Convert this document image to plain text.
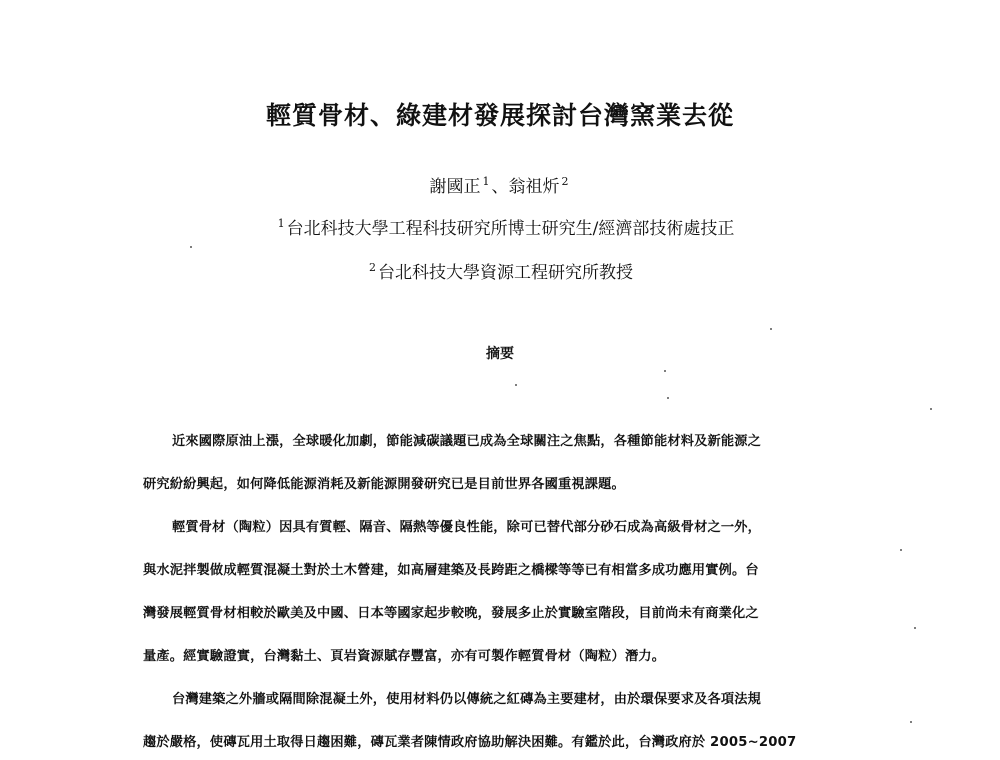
輕質骨材、綠建材發展探討台灣窯業去從
謝國正 $^1$ 、翁祖炘 $^2$
$^1$ 台北科技大學工程科技研究所博士研究生/經濟部技術處技正
$^2$ 台北科技大學資源工程研究所教授
摘要
近來國際原油上漲，全球暖化加劇，節能減碳議題已成為全球關注之焦點，各種節能材料及新能源之
研究紛紛興起，如何降低能源消耗及新能源開發研究已是目前世界各國重視課題。
輕質骨材（陶粒）因具有質輕、隔音、隔熱等優良性能，除可已替代部分砂石成為高級骨材之一外，
與水泥拌製做成輕質混凝土對於土木營建，如高層建築及長跨距之橋樑等等已有相當多成功應用實例。台
灣發展輕質骨材相較於歐美及中國、日本等國家起步較晚，發展多止於實驗室階段，目前尚未有商業化之
量產。經實驗證實，台灣黏土、頁岩資源賦存豐富，亦有可製作輕質骨材（陶粒）潛力。
台灣建築之外牆或隔間除混凝土外，使用材料仍以傳統之紅磚為主要建材，由於環保要求及各項法規
趨於嚴格，使磚瓦用土取得日趨困難，磚瓦業者陳情政府協助解決困難。有鑑於此，台灣政府於 2005~2007
